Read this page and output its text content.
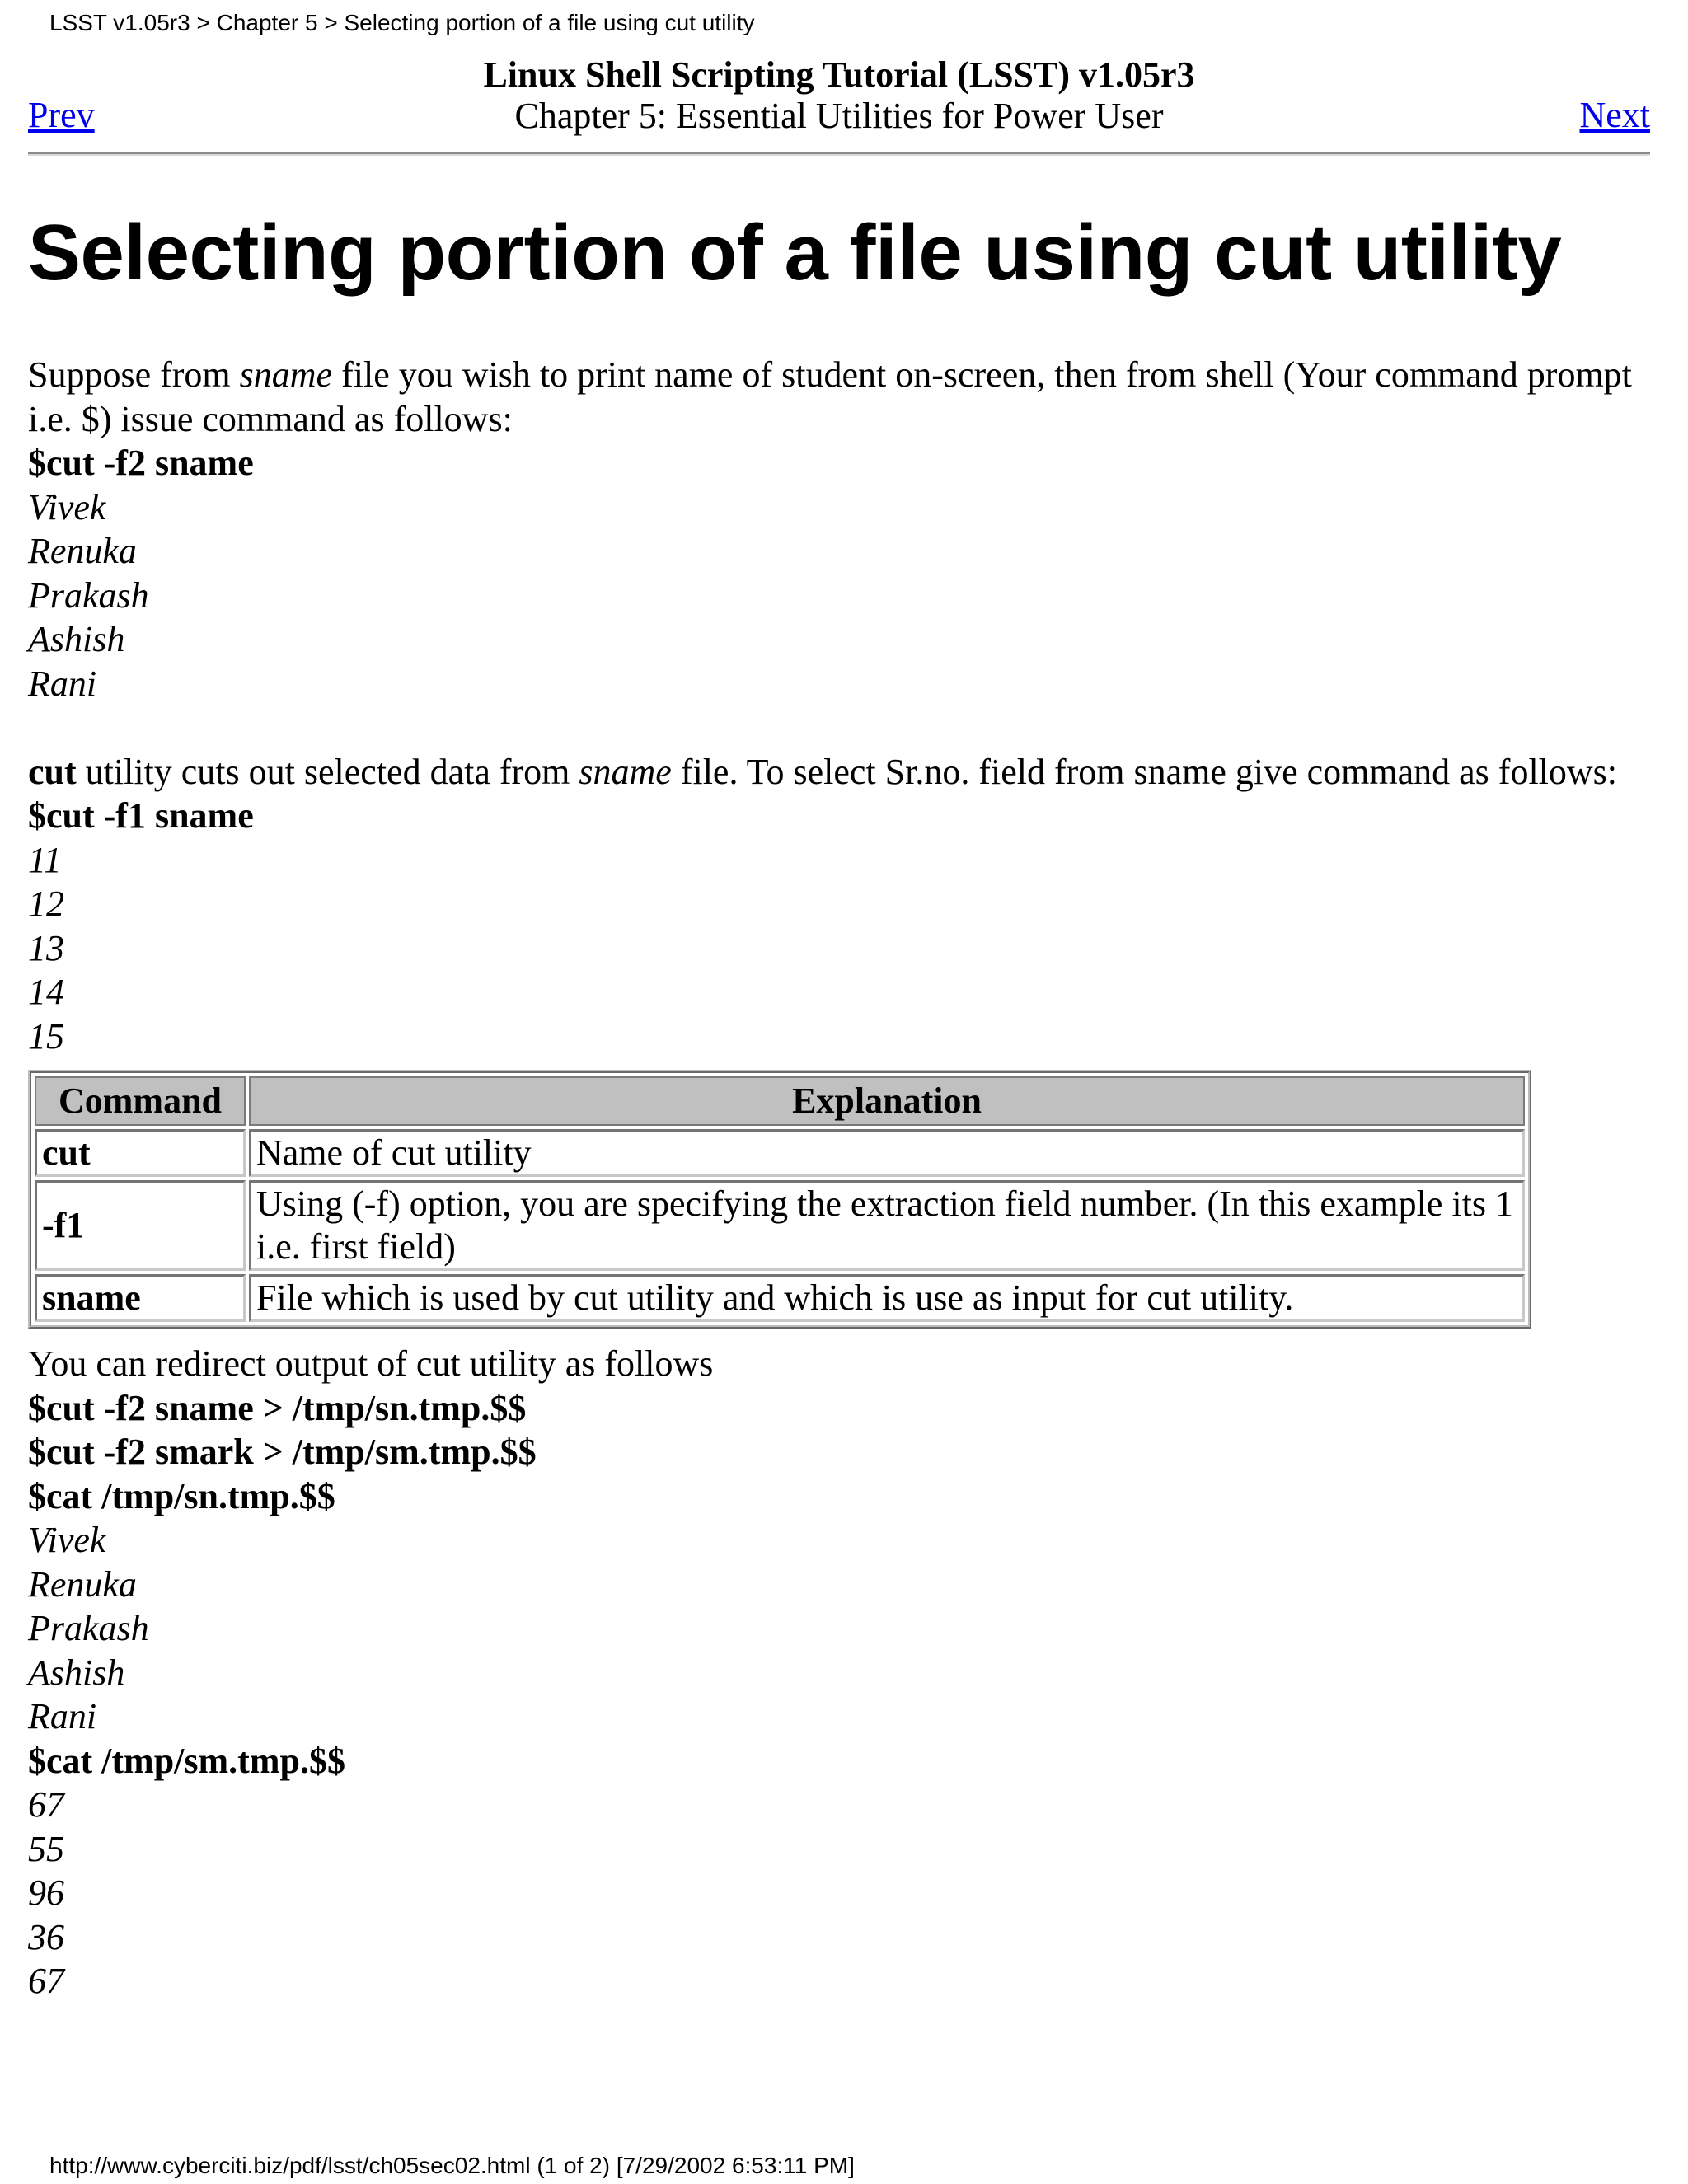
LSST v1.05r3 > Chapter 5 > Selecting portion of a file using cut utility
Prev
Linux Shell Scripting Tutorial (LSST) v1.05r3
Chapter 5: Essential Utilities for Power User	Next
Selecting portion of a file using cut utility

Suppose from sname file you wish to print name of student on-screen, then from shell (Your command prompt i.e. $) issue command as follows:

$cut -f2 sname
Vivek
Renuka
Prakash
Ashish
Rani

cut utility cuts out selected data from sname file. To select Sr.no. field from sname give command as follows:

$cut -f1 sname
11
12
13
14
15
Command	Explanation
cut	Name of cut utility
-f1	Using (-f) option, you are specifying the extraction field number. (In this example its 1 i.e. first field)
sname	File which is used by cut utility and which is use as input for cut utility.
You can redirect output of cut utility as follows
$cut -f2 sname > /tmp/sn.tmp.$$
$cut -f2 smark > /tmp/sm.tmp.$$
$cat /tmp/sn.tmp.$$
Vivek
Renuka
Prakash
Ashish
Rani
$cat /tmp/sm.tmp.$$
67
55
96
36
67
http://www.cyberciti.biz/pdf/lsst/ch05sec02.html (1 of 2) [7/29/2002 6:53:11 PM]
